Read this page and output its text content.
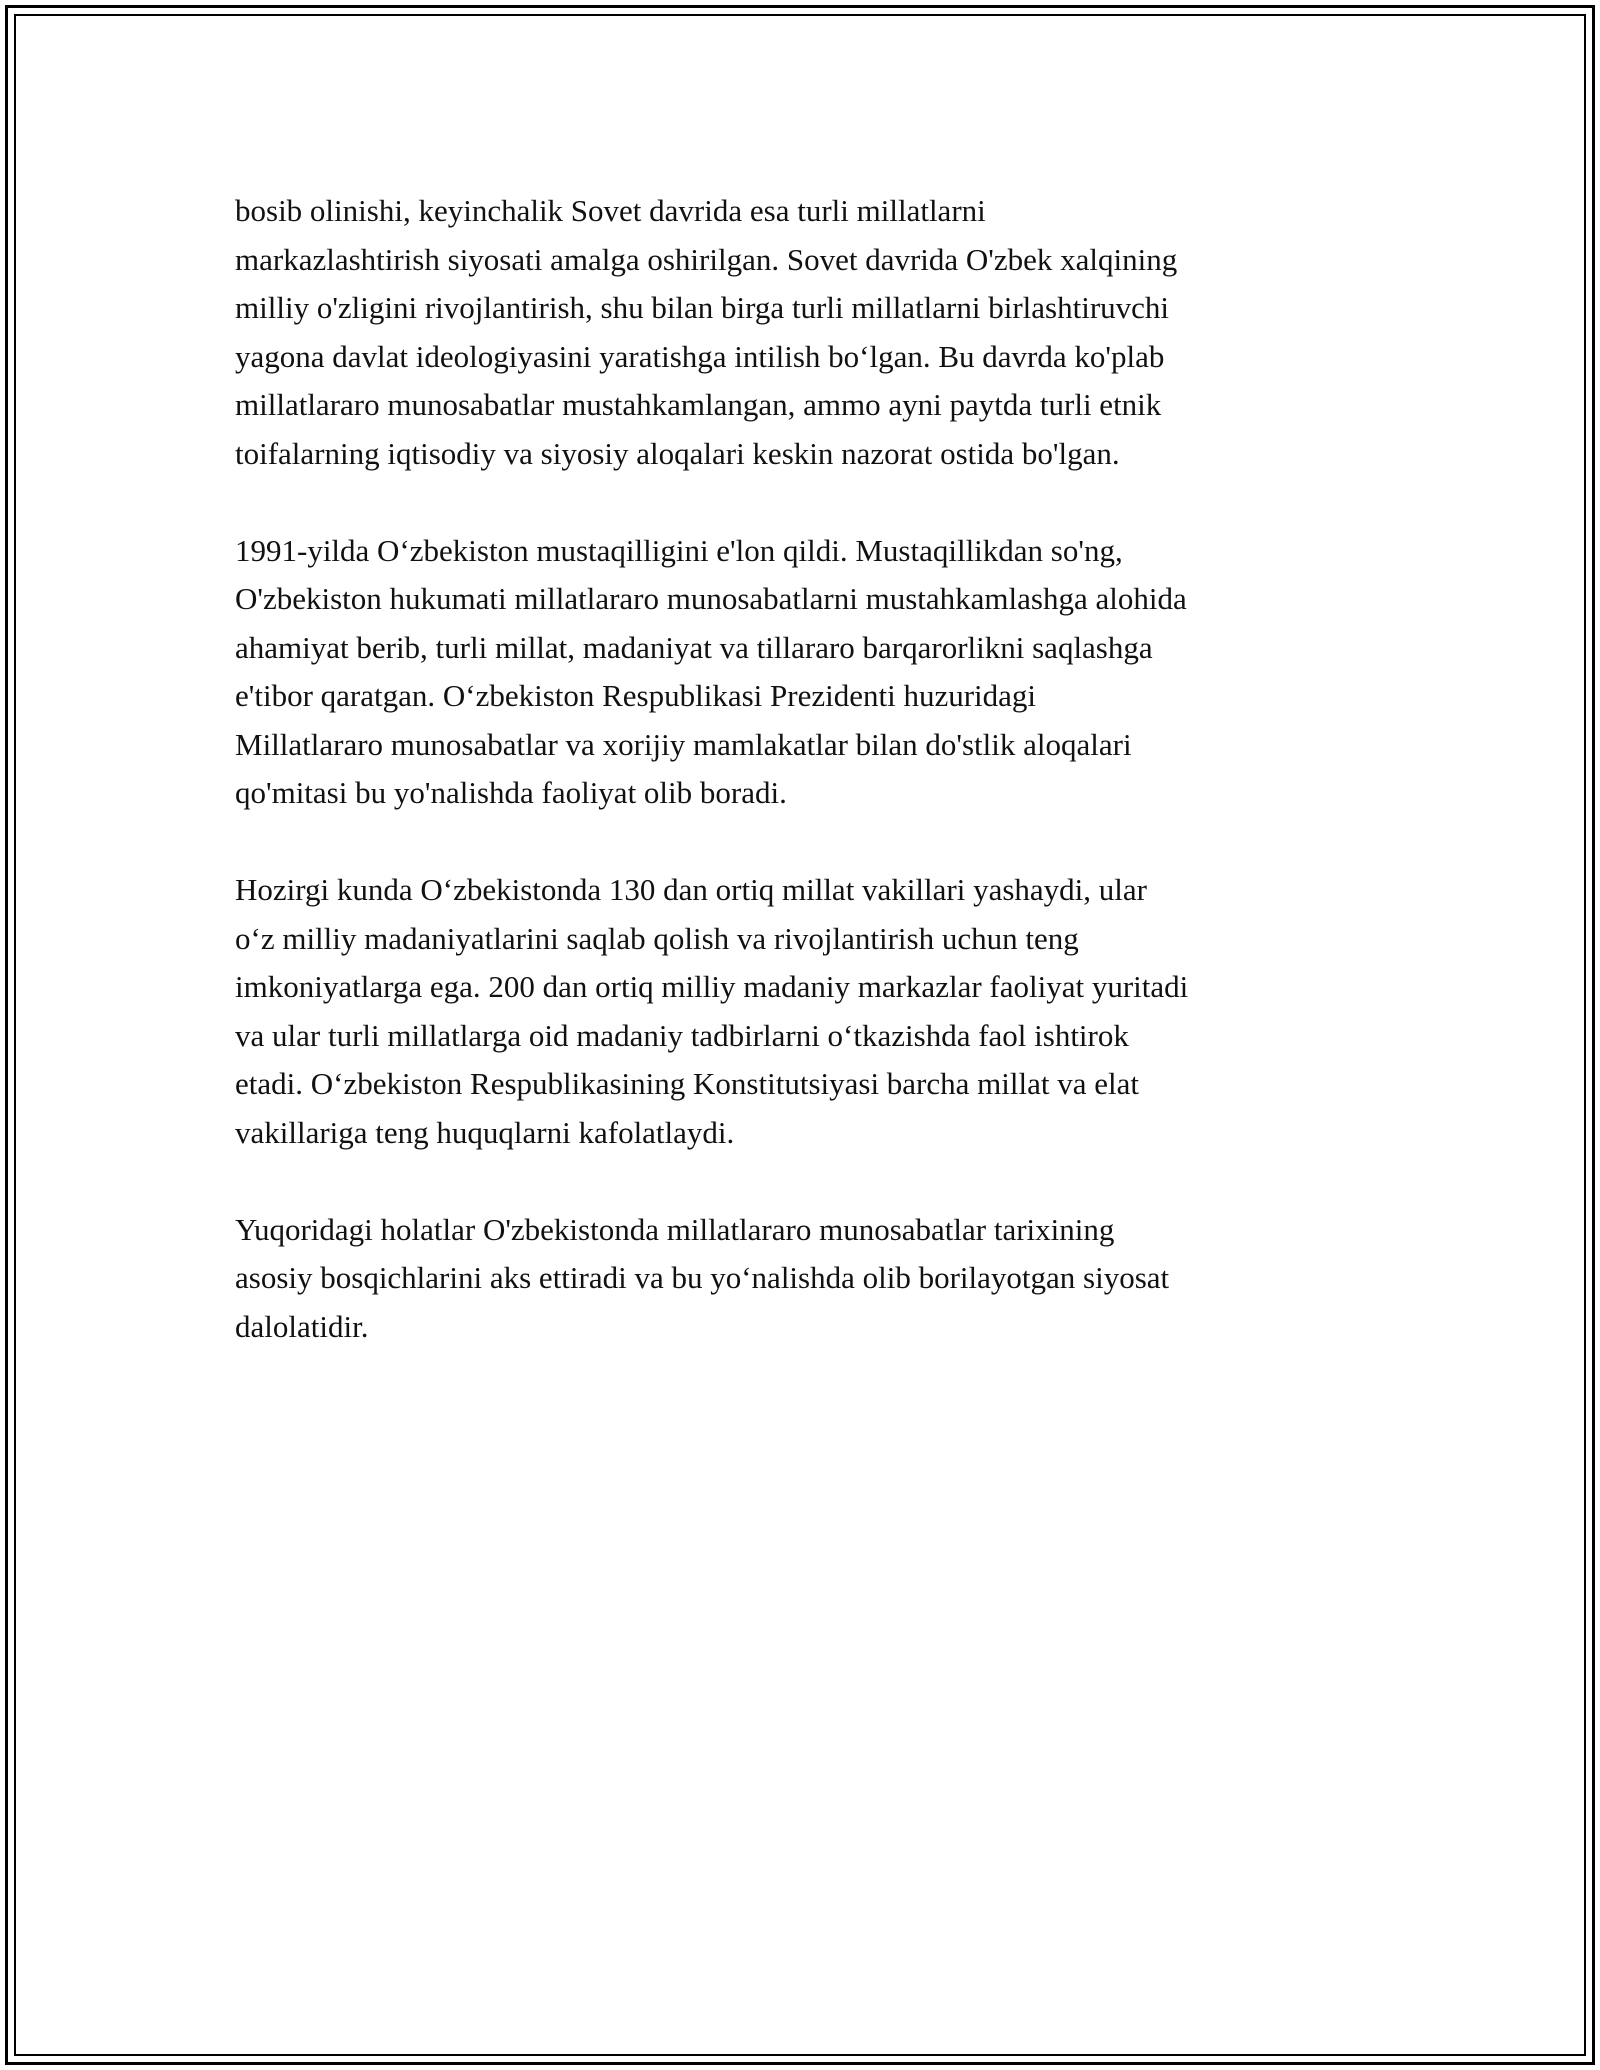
bosib olinishi, keyinchalik Sovet davrida esa turli millatlarni
markazlashtirish siyosati amalga oshirilgan. Sovet davrida O'zbek xalqining
milliy o'zligini rivojlantirish, shu bilan birga turli millatlarni birlashtiruvchi
yagona davlat ideologiyasini yaratishga intilish boʻlgan. Bu davrda ko'plab
millatlararo munosabatlar mustahkamlangan, ammo ayni paytda turli etnik
toifalarning iqtisodiy va siyosiy aloqalari keskin nazorat ostida bo'lgan.

1991-yilda Oʻzbekiston mustaqilligini e'lon qildi. Mustaqillikdan so'ng,
O'zbekiston hukumati millatlararo munosabatlarni mustahkamlashga alohida
ahamiyat berib, turli millat, madaniyat va tillararo barqarorlikni saqlashga
e'tibor qaratgan. Oʻzbekiston Respublikasi Prezidenti huzuridagi
Millatlararo munosabatlar va xorijiy mamlakatlar bilan do'stlik aloqalari
qo'mitasi bu yo'nalishda faoliyat olib boradi.

Hozirgi kunda Oʻzbekistonda 130 dan ortiq millat vakillari yashaydi, ular
oʻz milliy madaniyatlarini saqlab qolish va rivojlantirish uchun teng
imkoniyatlarga ega. 200 dan ortiq milliy madaniy markazlar faoliyat yuritadi
va ular turli millatlarga oid madaniy tadbirlarni oʻtkazishda faol ishtirok
etadi. Oʻzbekiston Respublikasining Konstitutsiyasi barcha millat va elat
vakillariga teng huquqlarni kafolatlaydi.

Yuqoridagi holatlar O'zbekistonda millatlararo munosabatlar tarixining
asosiy bosqichlarini aks ettiradi va bu yoʻnalishda olib borilayotgan siyosat
dalolatidir.
